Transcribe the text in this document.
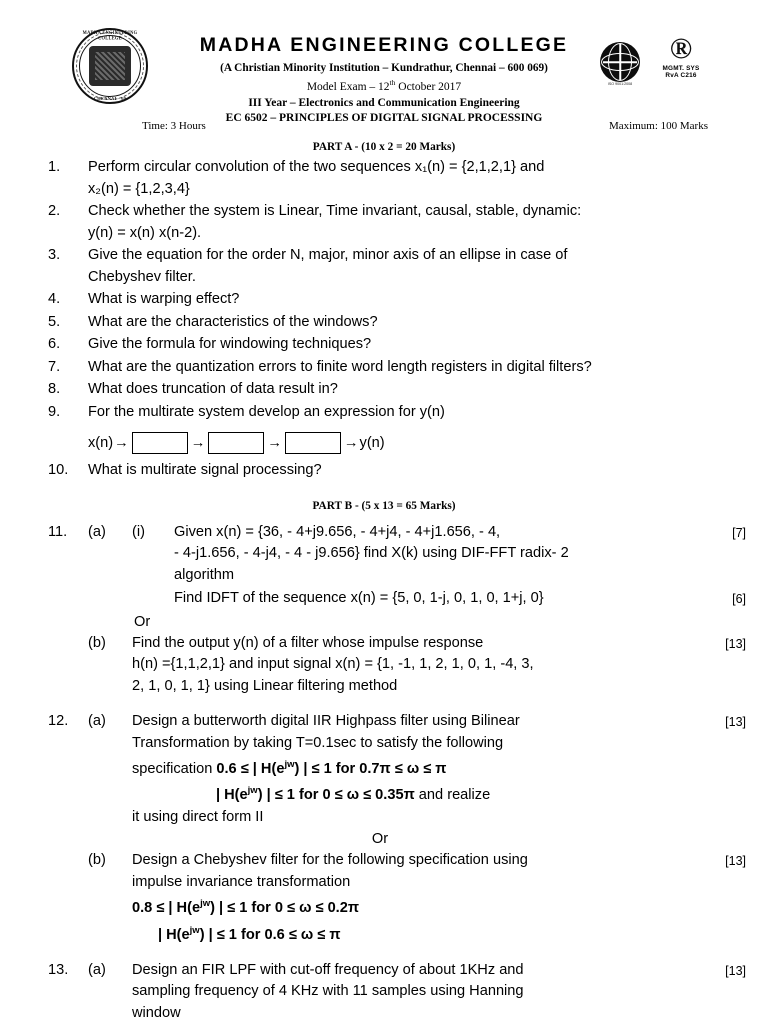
MADHA ENGINEERING COLLEGE
CHENNAI - 69
MADHA ENGINEERING COLLEGE
(A Christian Minority Institution – Kundrathur, Chennai – 600 069)
Model Exam – 12th October 2017
III Year – Electronics and Communication Engineering
EC 6502 – PRINCIPLES OF DIGITAL SIGNAL PROCESSING
ISO 9001:2008
®
MGMT. SYS
RvA C216
Time: 3 Hours	Maximum: 100 Marks
PART A - (10 x 2 = 20 Marks)
1.	Perform circular convolution of the two sequences x₁(n) = {2,1,2,1} and
x₂(n) = {1,2,3,4}
2.	Check whether the system is Linear, Time invariant, causal, stable, dynamic:
y(n) = x(n) x(n-2).
3.	Give the equation for the order N, major, minor axis of an ellipse in case of
Chebyshev filter.
4.	What is warping effect?
5.	What are the characteristics of the windows?
6.	Give the formula for windowing techniques?
7.	What are the quantization errors to finite word length registers in digital filters?
8.	What does truncation of data result in?
9.	For the multirate system develop an expression for y(n)
x(n) →	→	→	→ y(n)
10.	What is multirate signal processing?
PART B - (5 x 13 = 65 Marks)
11.	(a)	(i)	Given x(n) = {36, - 4+j9.656, - 4+j4, - 4+j1.656, - 4,
- 4-j1.656, - 4-j4, - 4 - j9.656} find X(k) using DIF-FFT radix- 2
algorithm
[7]
Find IDFT of the sequence x(n) = {5, 0, 1-j, 0, 1, 0, 1+j, 0}	[6]
Or
(b)	Find the output y(n) of a filter whose impulse response
h(n) ={1,1,2,1} and input signal x(n) = {1, -1, 1, 2, 1, 0, 1, -4, 3,
2, 1, 0, 1, 1} using Linear filtering method
[13]
12.	(a)	Design a butterworth digital IIR Highpass filter using Bilinear
Transformation by taking T=0.1sec to satisfy the following
specification 0.6 ≤ | $H(e^{jw})$ | ≤ 1 for 0.7π ≤ ω ≤ π
| $H(e^{jw})$ | ≤ 1 for 0 ≤ ω ≤ 0.35π and realize
it using direct form II
[13]
Or
(b)	Design a Chebyshev filter for the following specification using
impulse invariance transformation
0.8 ≤ | $H(e^{jw})$ | ≤ 1 for 0 ≤ ω ≤ 0.2π
| $H(e^{jw})$ | ≤ 1 for 0.6 ≤ ω ≤ π
[13]
13.	(a)	Design an FIR LPF with cut-off frequency of about 1KHz and
sampling frequency of 4 KHz with 11 samples using Hanning
window
[13]
